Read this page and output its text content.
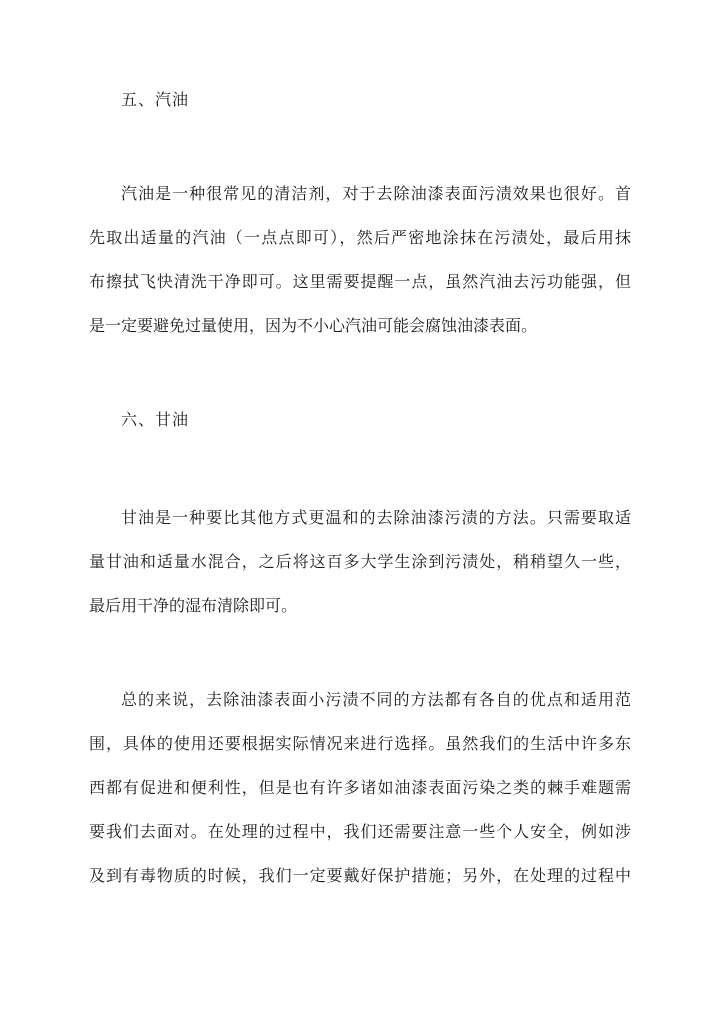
五、汽油

汽油是一种很常见的清洁剂，对于去除油漆表面污渍效果也很好。首

先取出适量的汽油（一点点即可），然后严密地涂抹在污渍处，最后用抹

布擦拭飞快清洗干净即可。这里需要提醒一点，虽然汽油去污功能强，但

是一定要避免过量使用，因为不小心汽油可能会腐蚀油漆表面。

六、甘油

甘油是一种要比其他方式更温和的去除油漆污渍的方法。只需要取适

量甘油和适量水混合，之后将这百多大学生涂到污渍处，稍稍望久一些，

最后用干净的湿布清除即可。

总的来说，去除油漆表面小污渍不同的方法都有各自的优点和适用范

围，具体的使用还要根据实际情况来进行选择。虽然我们的生活中许多东

西都有促进和便利性，但是也有许多诸如油漆表面污染之类的棘手难题需

要我们去面对。在处理的过程中，我们还需要注意一些个人安全，例如涉

及到有毒物质的时候，我们一定要戴好保护措施；另外，在处理的过程中
